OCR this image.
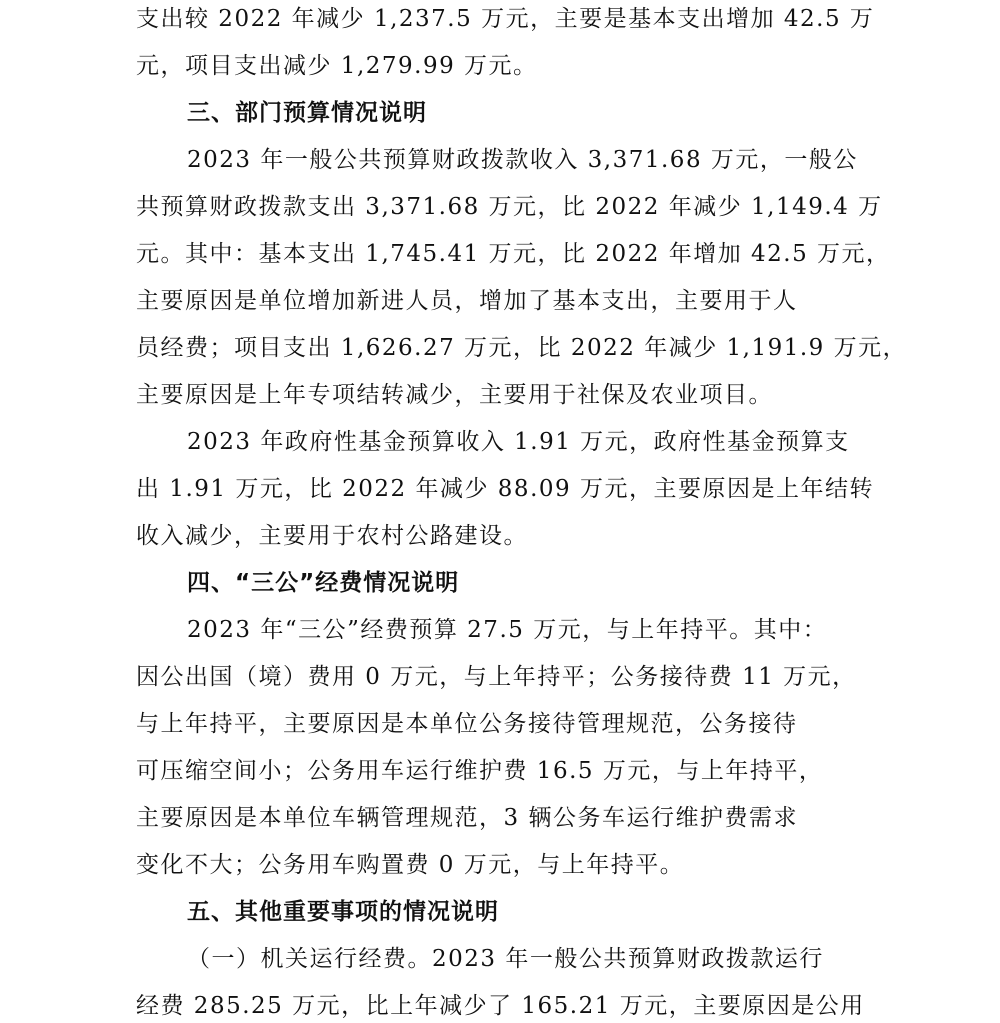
支出较 2022 年减少 1,237.5 万元，主要是基本支出增加 42.5 万
元，项目支出减少 1,279.99 万元。
三、部门预算情况说明
2023 年一般公共预算财政拨款收入 3,371.68 万元，一般公
共预算财政拨款支出 3,371.68 万元，比 2022 年减少 1,149.4 万
元。其中：基本支出 1,745.41 万元，比 2022 年增加 42.5 万元，
主要原因是单位增加新进人员，增加了基本支出，主要用于人
员经费；项目支出 1,626.27 万元，比 2022 年减少 1,191.9 万元，
主要原因是上年专项结转减少，主要用于社保及农业项目。
2023 年政府性基金预算收入 1.91 万元，政府性基金预算支
出 1.91 万元，比 2022 年减少 88.09 万元，主要原因是上年结转
收入减少，主要用于农村公路建设。
四、“三公”经费情况说明
2023 年“三公”经费预算 27.5 万元，与上年持平。其中：
因公出国（境）费用 0 万元，与上年持平；公务接待费 11 万元，
与上年持平，主要原因是本单位公务接待管理规范，公务接待
可压缩空间小；公务用车运行维护费 16.5 万元，与上年持平，
主要原因是本单位车辆管理规范，3 辆公务车运行维护费需求
变化不大；公务用车购置费 0 万元，与上年持平。
五、其他重要事项的情况说明
（一）机关运行经费。2023 年一般公共预算财政拨款运行
经费 285.25 万元，比上年减少了 165.21 万元，主要原因是公用
